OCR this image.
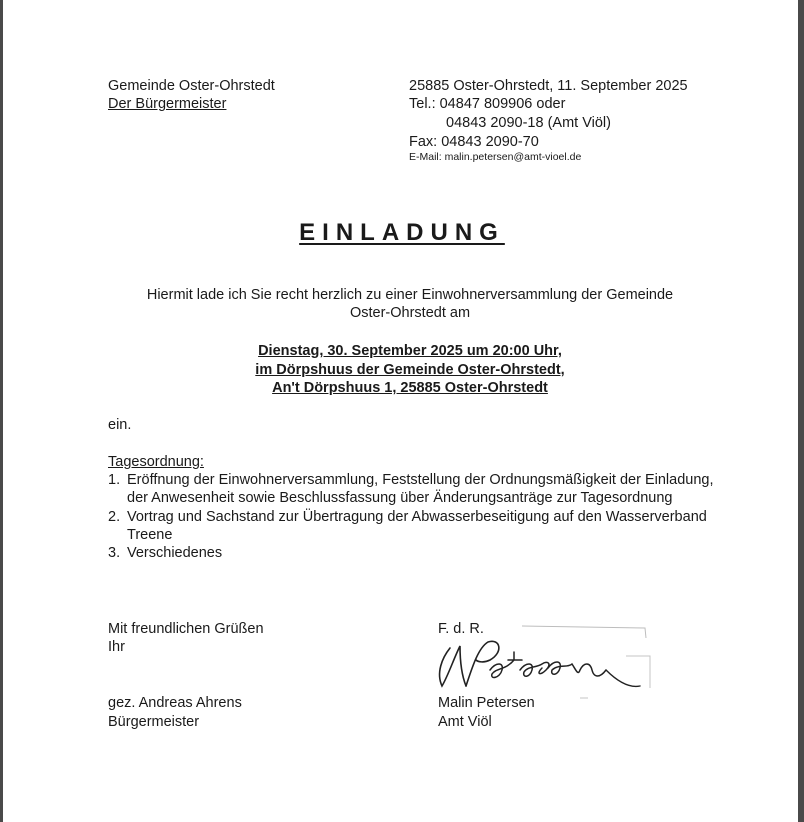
Gemeinde Oster-Ohrstedt
Der Bürgermeister
25885 Oster-Ohrstedt, 11. September 2025
Tel.: 04847 809906 oder
04843 2090-18 (Amt Viöl)
Fax: 04843 2090-70
E-Mail: malin.petersen@amt-vioel.de
EINLADUNG
Hiermit lade ich Sie recht herzlich zu einer Einwohnerversammlung der Gemeinde
Oster-Ohrstedt am
Dienstag, 30. September 2025 um 20:00 Uhr,
im Dörpshuus der Gemeinde Oster-Ohrstedt,
An't Dörpshuus 1, 25885 Oster-Ohrstedt
ein.
Tagesordnung:
1. Eröffnung der Einwohnerversammlung, Feststellung der Ordnungsmäßigkeit der Einladung, der Anwesenheit sowie Beschlussfassung über Änderungsanträge zur Tagesordnung
2. Vortrag und Sachstand zur Übertragung der Abwasserbeseitigung auf den Wasserverband Treene
3. Verschiedenes
Mit freundlichen Grüßen
Ihr
gez. Andreas Ahrens
Bürgermeister
F. d. R.
Malin Petersen
Amt Viöl
